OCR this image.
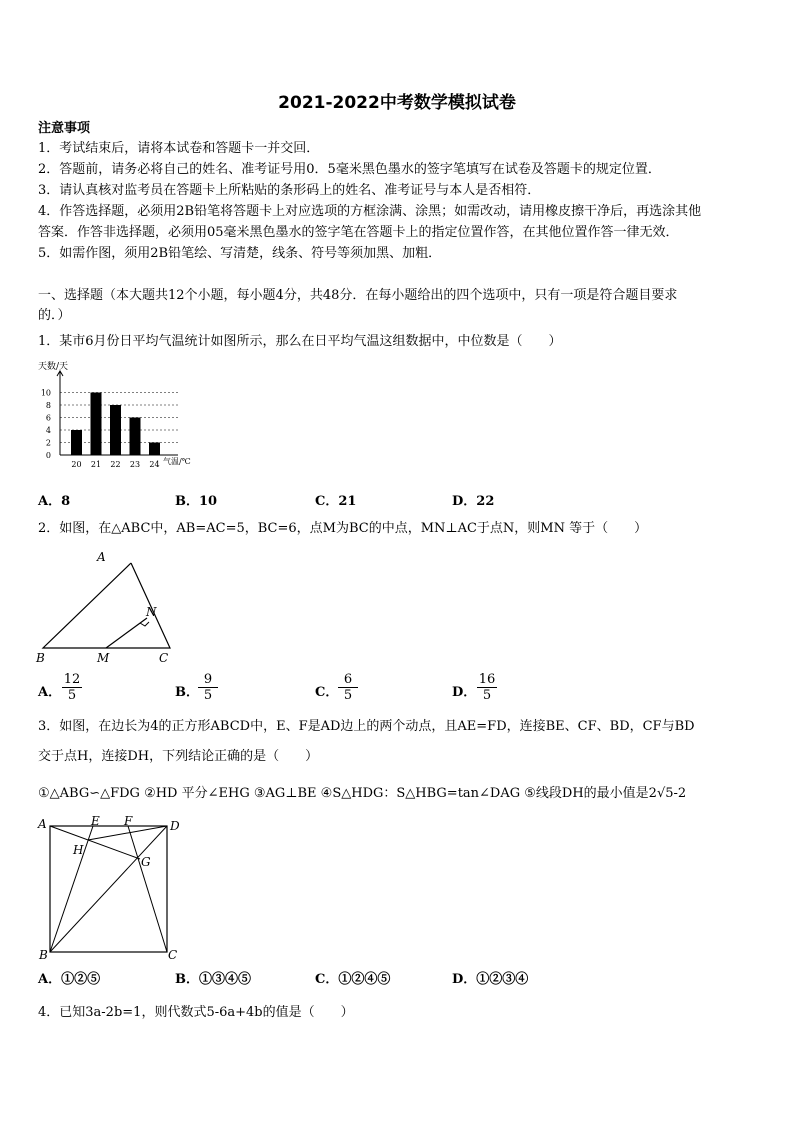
2021-2022中考数学模拟试卷
注意事项
1．考试结束后，请将本试卷和答题卡一并交回．
2．答题前，请务必将自己的姓名、准考证号用0．5毫米黑色墨水的签字笔填写在试卷及答题卡的规定位置．
3．请认真核对监考员在答题卡上所粘贴的条形码上的姓名、准考证号与本人是否相符．
4．作答选择题，必须用2B铅笔将答题卡上对应选项的方框涂满、涂黑；如需改动，请用橡皮擦干净后，再选涂其他
答案．作答非选择题，必须用05毫米黑色墨水的签字笔在答题卡上的指定位置作答，在其他位置作答一律无效．
5．如需作图，须用2B铅笔绘、写清楚，线条、符号等须加黑、加粗．
一、选择题（本大题共12个小题，每小题4分，共48分．在每小题给出的四个选项中，只有一项是符合题目要求
的．）
1．某市6月份日平均气温统计如图所示，那么在日平均气温这组数据中，中位数是（　　）
天数/天
0
2
4
6
8
10
20 21 22 23 24 气温/℃
A．8	B．10	C．21	D．22
2．如图，在△ABC中，AB=AC=5，BC=6，点M为BC的中点，MN⊥AC于点N，则MN 等于（　　）
A
N
B	M	C
A． $\frac{12}{5}$	B． $\frac{9}{5}$	C． $\frac{6}{5}$	D． $\frac{16}{5}$
3．如图，在边长为4的正方形ABCD中，E、F是AD边上的两个动点，且AE=FD，连接BE、CF、BD，CF与BD
交于点H，连接DH，下列结论正确的是（　　）
①△ABG∽△FDG ②HD 平分∠EHG ③AG⊥BE ④S△HDG：S△HBG=tan∠DAG ⑤线段DH的最小值是2√5-2
A	E F	D
H
G
B	C
A．①②⑤	B．①③④⑤	C．①②④⑤	D．①②③④
4．已知3a-2b=1，则代数式5-6a+4b的值是（　　）
